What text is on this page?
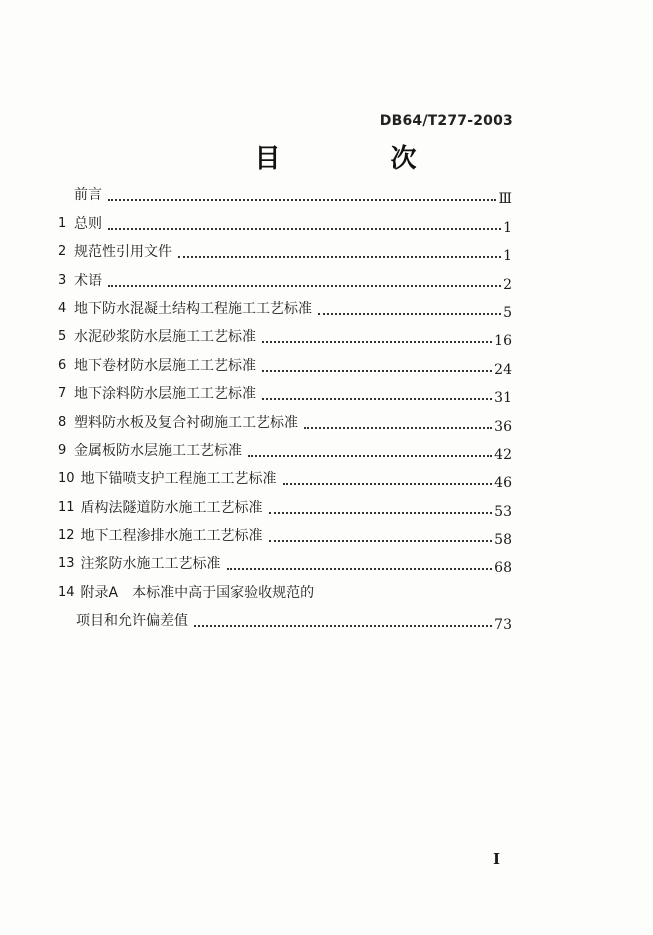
DB64/T277-2003
目　次
前言	Ⅲ
1 总则	1
2 规范性引用文件	1
3 术语	2
4 地下防水混凝土结构工程施工工艺标准	5
5 水泥砂浆防水层施工工艺标准	16
6 地下卷材防水层施工工艺标准	24
7 地下涂料防水层施工工艺标准	31
8 塑料防水板及复合衬砌施工工艺标准	36
9 金属板防水层施工工艺标准	42
10 地下锚喷支护工程施工工艺标准	46
11 盾构法隧道防水施工工艺标准	53
12 地下工程渗排水施工工艺标准	58
13 注浆防水施工工艺标准	68
14 附录A　本标准中高于国家验收规范的
项目和允许偏差值	73
I
